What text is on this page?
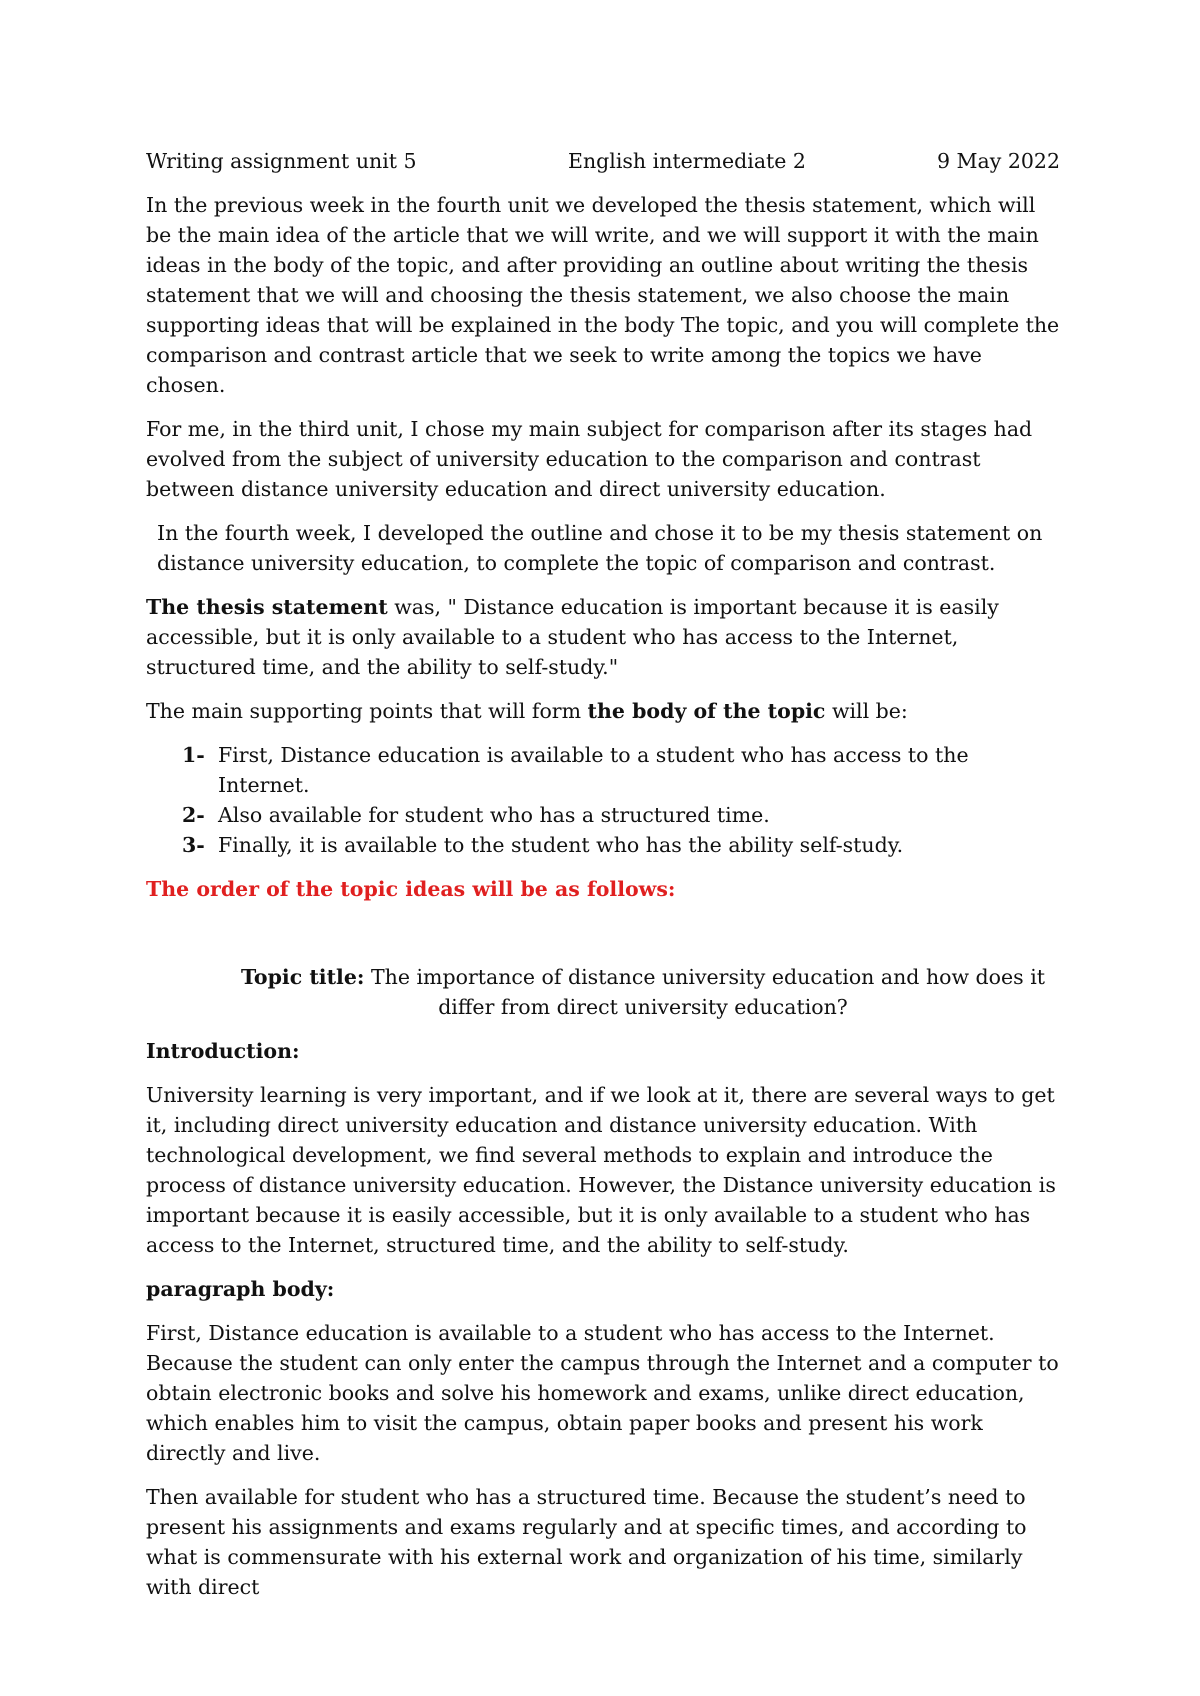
Writing assignment unit 5	English intermediate 2	9 May 2022

In the previous week in the fourth unit we developed the thesis statement, which will be the main idea of the article that we will write, and we will support it with the main ideas in the body of the topic, and after providing an outline about writing the thesis statement that we will and choosing the thesis statement, we also choose the main supporting ideas that will be explained in the body The topic, and you will complete the comparison and contrast article that we seek to write among the topics we have chosen.

For me, in the third unit, I chose my main subject for comparison after its stages had evolved from the subject of university education to the comparison and contrast between distance university education and direct university education.

In the fourth week, I developed the outline and chose it to be my thesis statement on distance university education, to complete the topic of comparison and contrast.

The thesis statement was, " Distance education is important because it is easily accessible, but it is only available to a student who has access to the Internet, structured time, and the ability to self-study."

The main supporting points that will form the body of the topic will be:

1- First, Distance education is available to a student who has access to the Internet.
2- Also available for student who has a structured time.
3- Finally, it is available to the student who has the ability self-study.

The order of the topic ideas will be as follows:

Topic title: The importance of distance university education and how does it differ from direct university education?

Introduction:

University learning is very important, and if we look at it, there are several ways to get it, including direct university education and distance university education. With technological development, we find several methods to explain and introduce the process of distance university education. However, the Distance university education is important because it is easily accessible, but it is only available to a student who has access to the Internet, structured time, and the ability to self-study.

paragraph body:

First, Distance education is available to a student who has access to the Internet. Because the student can only enter the campus through the Internet and a computer to obtain electronic books and solve his homework and exams, unlike direct education, which enables him to visit the campus, obtain paper books and present his work directly and live.

Then available for student who has a structured time. Because the student’s need to present his assignments and exams regularly and at specific times, and according to what is commensurate with his external work and organization of his time, similarly with direct
